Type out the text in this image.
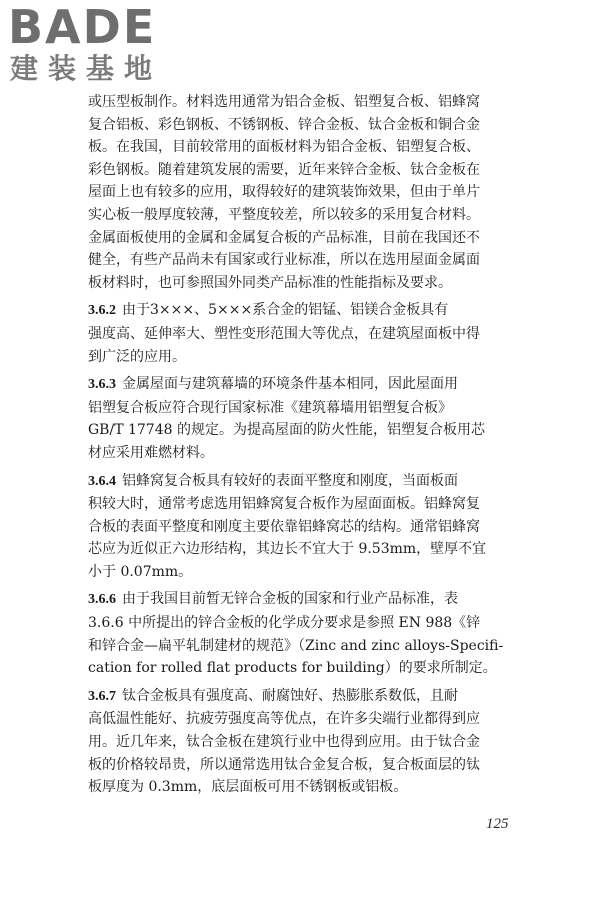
BADE
建装基地
或压型板制作。材料选用通常为铝合金板、铝塑复合板、铝蜂窝
复合铝板、彩色钢板、不锈钢板、锌合金板、钛合金板和铜合金
板。在我国，目前较常用的面板材料为铝合金板、铝塑复合板、
彩色钢板。随着建筑发展的需要，近年来锌合金板、钛合金板在
屋面上也有较多的应用，取得较好的建筑装饰效果，但由于单片
实心板一般厚度较薄，平整度较差，所以较多的采用复合材料。
金属面板使用的金属和金属复合板的产品标准，目前在我国还不
健全，有些产品尚未有国家或行业标准，所以在选用屋面金属面
板材料时，也可参照国外同类产品标准的性能指标及要求。
3.6.2 由于3×××、5×××系合金的铝锰、铝镁合金板具有
强度高、延伸率大、塑性变形范围大等优点，在建筑屋面板中得
到广泛的应用。
3.6.3 金属屋面与建筑幕墙的环境条件基本相同，因此屋面用
铝塑复合板应符合现行国家标准《建筑幕墙用铝塑复合板》
GB/T 17748 的规定。为提高屋面的防火性能，铝塑复合板用芯
材应采用难燃材料。
3.6.4 铝蜂窝复合板具有较好的表面平整度和刚度，当面板面
积较大时，通常考虑选用铝蜂窝复合板作为屋面面板。铝蜂窝复
合板的表面平整度和刚度主要依靠铝蜂窝芯的结构。通常铝蜂窝
芯应为近似正六边形结构，其边长不宜大于 9.53mm，壁厚不宜
小于 0.07mm。
3.6.6 由于我国目前暂无锌合金板的国家和行业产品标准，表
3.6.6 中所提出的锌合金板的化学成分要求是参照 EN 988《锌
和锌合金—扁平轧制建材的规范》（Zinc and zinc alloys-Specifi-
cation for rolled flat products for building）的要求所制定。
3.6.7 钛合金板具有强度高、耐腐蚀好、热膨胀系数低，且耐
高低温性能好、抗疲劳强度高等优点，在许多尖端行业都得到应
用。近几年来，钛合金板在建筑行业中也得到应用。由于钛合金
板的价格较昂贵，所以通常选用钛合金复合板，复合板面层的钛
板厚度为 0.3mm，底层面板可用不锈钢板或铝板。
125
